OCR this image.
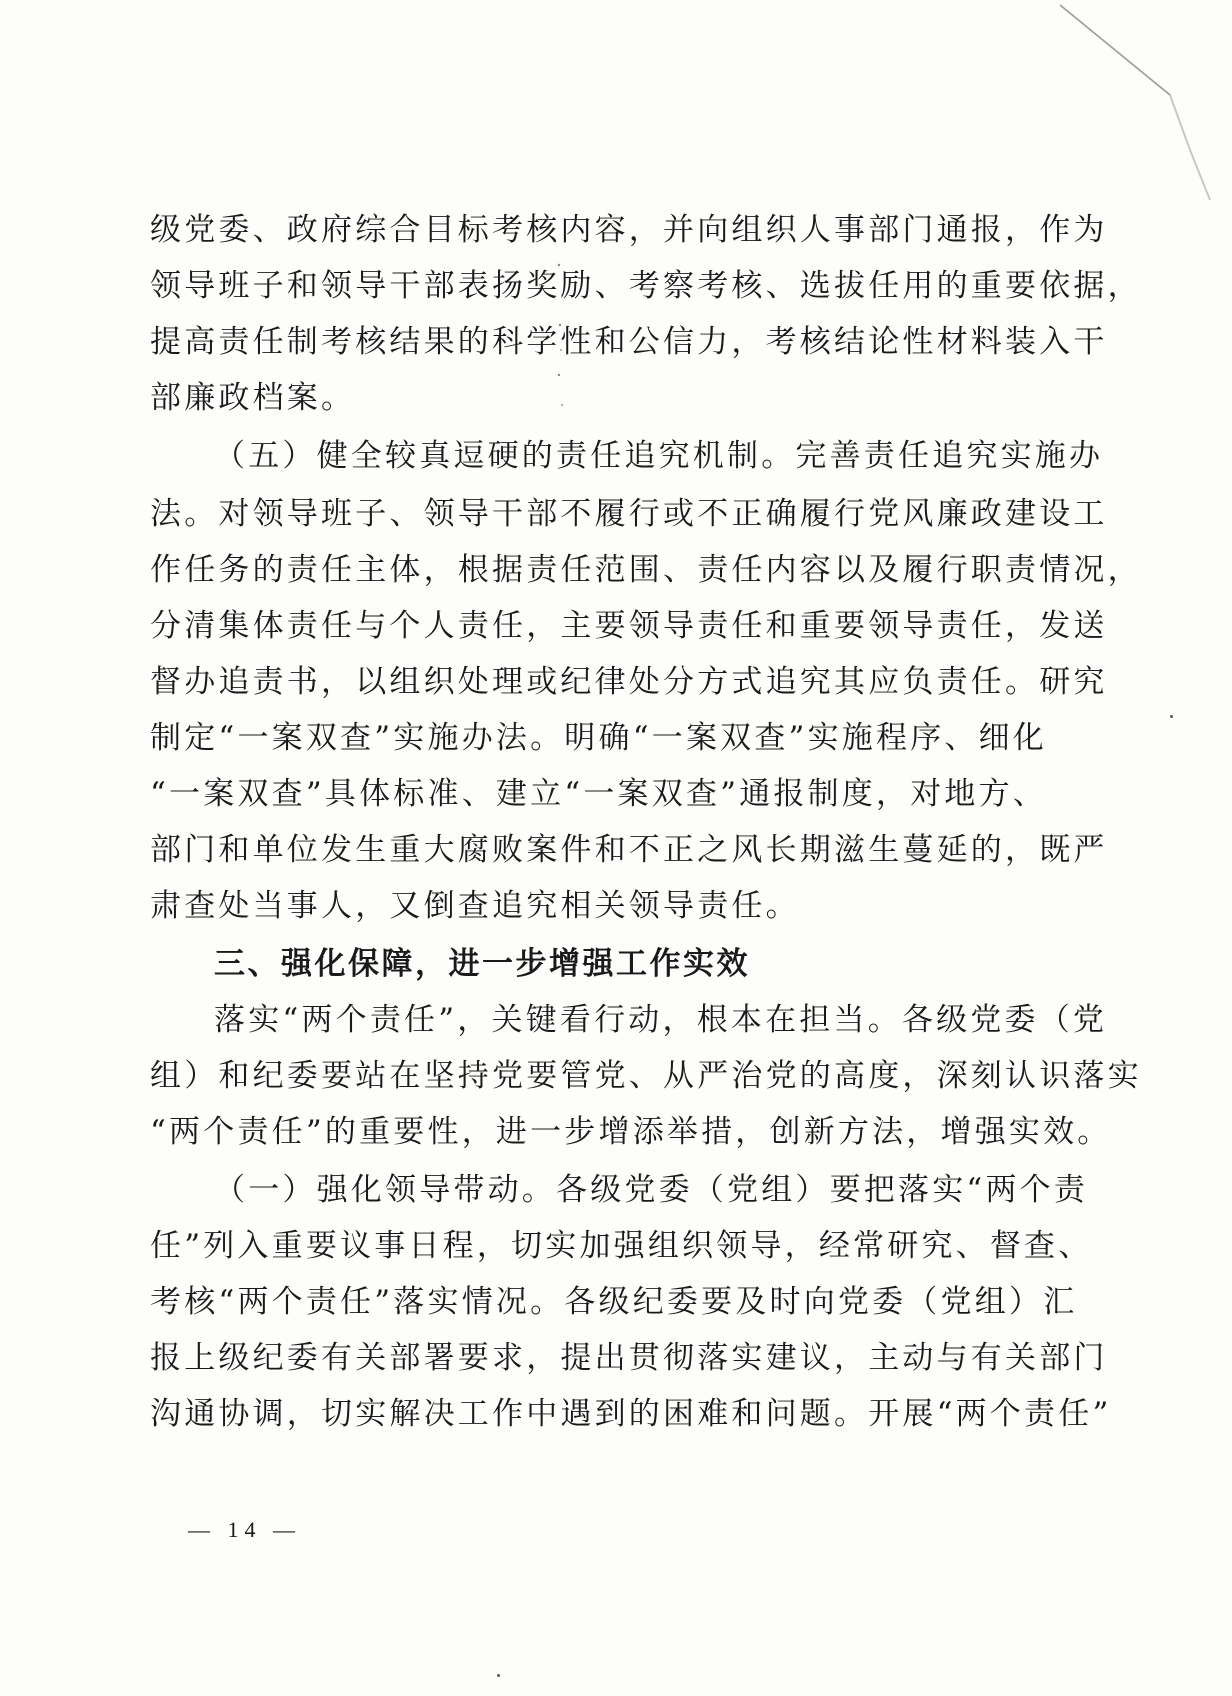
级党委、政府综合目标考核内容，并向组织人事部门通报，作为
领导班子和领导干部表扬奖励、考察考核、选拔任用的重要依据，
提高责任制考核结果的科学性和公信力，考核结论性材料装入干
部廉政档案。
（五）健全较真逗硬的责任追究机制。完善责任追究实施办
法。对领导班子、领导干部不履行或不正确履行党风廉政建设工
作任务的责任主体，根据责任范围、责任内容以及履行职责情况，
分清集体责任与个人责任，主要领导责任和重要领导责任，发送
督办追责书，以组织处理或纪律处分方式追究其应负责任。研究
制定“一案双查”实施办法。明确“一案双查”实施程序、细化
“一案双查”具体标准、建立“一案双查”通报制度，对地方、
部门和单位发生重大腐败案件和不正之风长期滋生蔓延的，既严
肃查处当事人，又倒查追究相关领导责任。
三、强化保障，进一步增强工作实效
落实“两个责任”，关键看行动，根本在担当。各级党委（党
组）和纪委要站在坚持党要管党、从严治党的高度，深刻认识落实
“两个责任”的重要性，进一步增添举措，创新方法，增强实效。
（一）强化领导带动。各级党委（党组）要把落实“两个责
任”列入重要议事日程，切实加强组织领导，经常研究、督查、
考核“两个责任”落实情况。各级纪委要及时向党委（党组）汇
报上级纪委有关部署要求，提出贯彻落实建议，主动与有关部门
沟通协调，切实解决工作中遇到的困难和问题。开展“两个责任”
— 14 —
